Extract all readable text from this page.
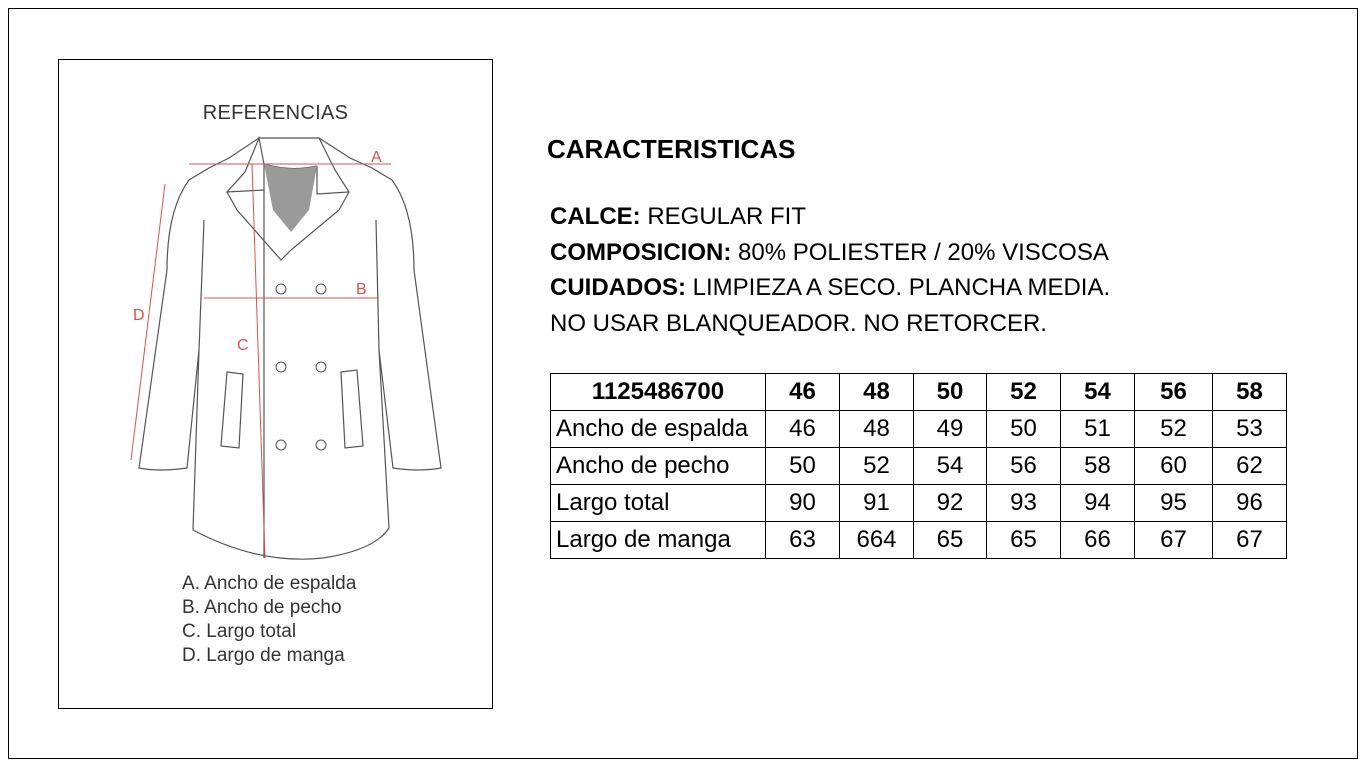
REFERENCIAS
A
B
C
D
A. Ancho de espalda
B. Ancho de pecho
C. Largo total
D. Largo de manga
CARACTERISTICAS
CALCE: REGULAR FIT
COMPOSICION: 80% POLIESTER / 20% VISCOSA
CUIDADOS: LIMPIEZA A SECO. PLANCHA MEDIA.
NO USAR BLANQUEADOR. NO RETORCER.
1125486700	46	48	50	52	54	56	58
Ancho de espalda	46	48	49	50	51	52	53
Ancho de pecho	50	52	54	56	58	60	62
Largo total	90	91	92	93	94	95	96
Largo de manga	63	664	65	65	66	67	67
